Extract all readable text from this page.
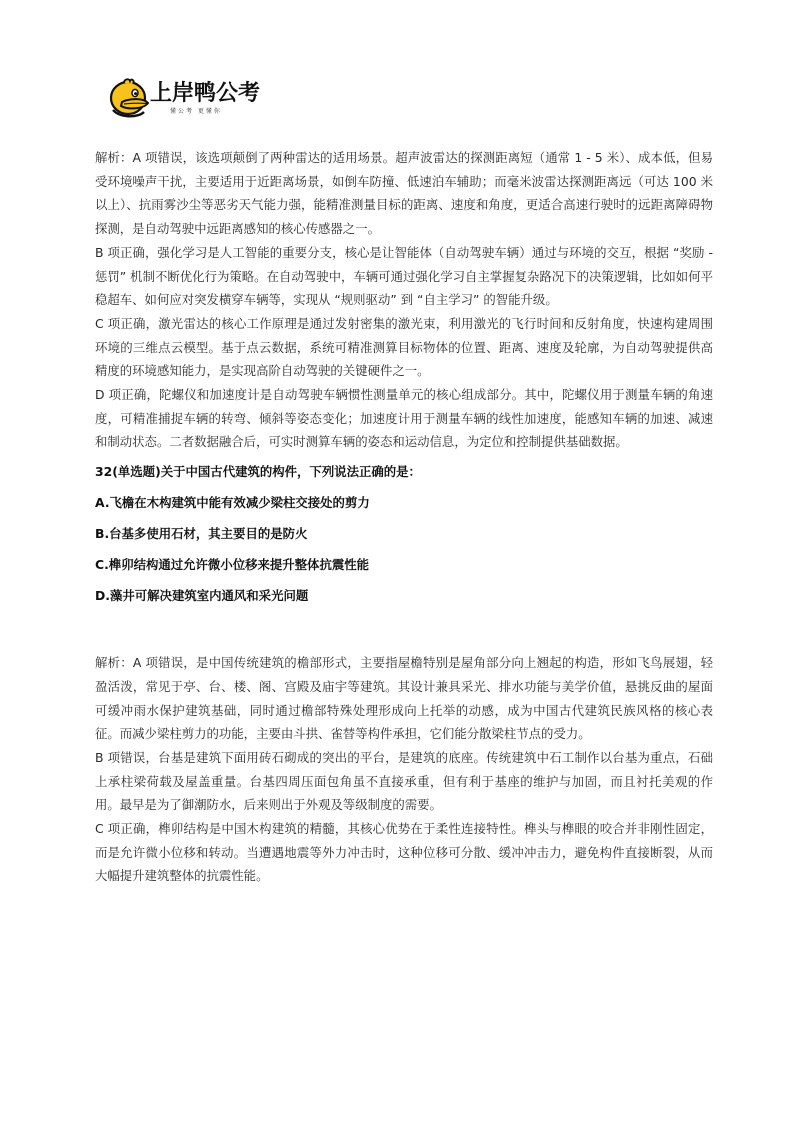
上岸鸭公考
懂公考 更懂你

解析：A 项错误，该选项颠倒了两种雷达的适用场景。超声波雷达的探测距离短（通常 1 - 5 米）、成本低，但易受环境噪声干扰，主要适用于近距离场景，如倒车防撞、低速泊车辅助；而毫米波雷达探测距离远（可达 100 米以上）、抗雨雾沙尘等恶劣天气能力强，能精准测量目标的距离、速度和角度，更适合高速行驶时的远距离障碍物探测，是自动驾驶中远距离感知的核心传感器之一。

B 项正确，强化学习是人工智能的重要分支，核心是让智能体（自动驾驶车辆）通过与环境的交互，根据 “奖励 - 惩罚” 机制不断优化行为策略。在自动驾驶中，车辆可通过强化学习自主掌握复杂路况下的决策逻辑，比如如何平稳超车、如何应对突发横穿车辆等，实现从 “规则驱动” 到 “自主学习” 的智能升级。

C 项正确，激光雷达的核心工作原理是通过发射密集的激光束，利用激光的飞行时间和反射角度，快速构建周围环境的三维点云模型。基于点云数据，系统可精准测算目标物体的位置、距离、速度及轮廓，为自动驾驶提供高精度的环境感知能力，是实现高阶自动驾驶的关键硬件之一。

D 项正确，陀螺仪和加速度计是自动驾驶车辆惯性测量单元的核心组成部分。其中，陀螺仪用于测量车辆的角速度，可精准捕捉车辆的转弯、倾斜等姿态变化；加速度计用于测量车辆的线性加速度，能感知车辆的加速、减速和制动状态。二者数据融合后，可实时测算车辆的姿态和运动信息，为定位和控制提供基础数据。

32(单选题)关于中国古代建筑的构件，下列说法正确的是：

A.飞檐在木构建筑中能有效减少梁柱交接处的剪力

B.台基多使用石材，其主要目的是防火

C.榫卯结构通过允许微小位移来提升整体抗震性能

D.藻井可解决建筑室内通风和采光问题

解析：A 项错误，是中国传统建筑的檐部形式，主要指屋檐特别是屋角部分向上翘起的构造，形如飞鸟展翅，轻盈活泼，常见于亭、台、楼、阁、宫殿及庙宇等建筑。其设计兼具采光、排水功能与美学价值，悬挑反曲的屋面可缓冲雨水保护建筑基础，同时通过檐部特殊处理形成向上托举的动感，成为中国古代建筑民族风格的核心表征。而减少梁柱剪力的功能，主要由斗拱、雀替等构件承担，它们能分散梁柱节点的受力。

B 项错误，台基是建筑下面用砖石砌成的突出的平台，是建筑的底座。传统建筑中石工制作以台基为重点，石础上承柱梁荷载及屋盖重量。台基四周压面包角虽不直接承重，但有利于基座的维护与加固，而且衬托美观的作用。最早是为了御潮防水，后来则出于外观及等级制度的需要。

C 项正确，榫卯结构是中国木构建筑的精髓，其核心优势在于柔性连接特性。榫头与榫眼的咬合并非刚性固定，而是允许微小位移和转动。当遭遇地震等外力冲击时，这种位移可分散、缓冲冲击力，避免构件直接断裂，从而大幅提升建筑整体的抗震性能。
